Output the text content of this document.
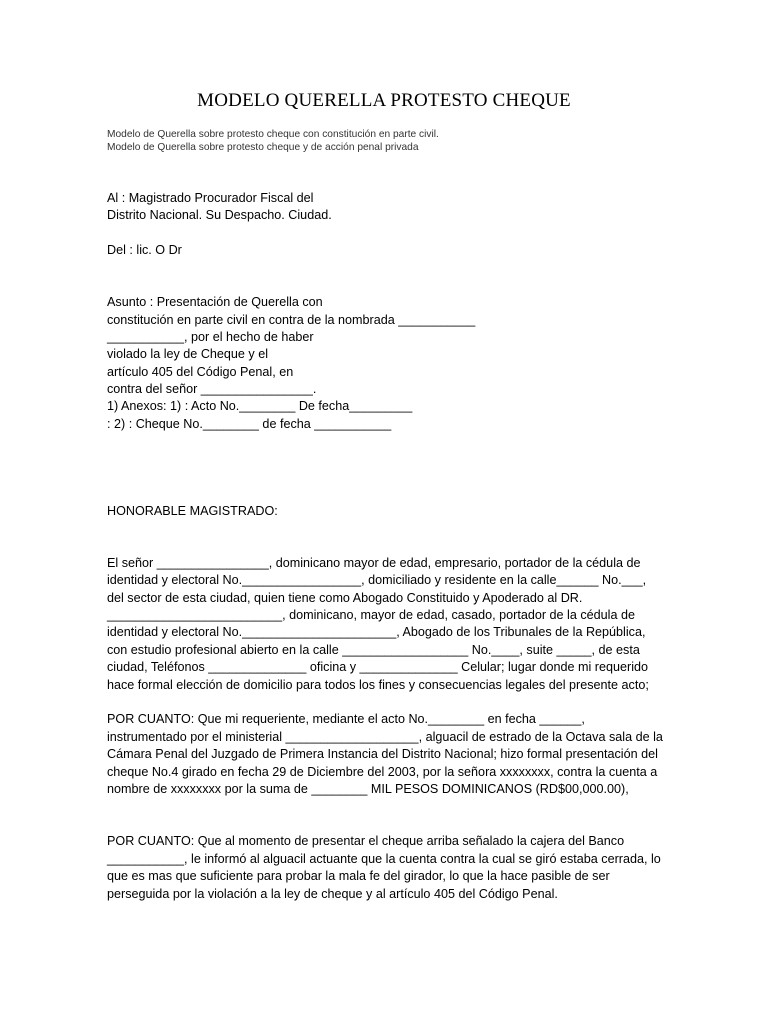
MODELO QUERELLA PROTESTO CHEQUE
Modelo de Querella sobre protesto cheque con constitución en parte civil.
Modelo de Querella sobre protesto cheque y de acción penal privada
Al : Magistrado Procurador Fiscal del
Distrito Nacional. Su Despacho. Ciudad.
Del : lic. O Dr
Asunto : Presentación de Querella con
constitución en parte civil en contra de la nombrada ___________
___________, por el hecho de haber
violado la ley de Cheque y el
artículo 405 del Código Penal, en
contra del señor ________________.
1) Anexos: 1) : Acto No.________ De fecha_________
: 2) : Cheque No.________ de fecha ___________
HONORABLE MAGISTRADO:
El señor ________________, dominicano mayor de edad, empresario, portador de la cédula de
identidad y electoral No._________________, domiciliado y residente en la calle______ No.___,
del sector de esta ciudad, quien tiene como Abogado Constituido y Apoderado al DR.
_________________________, dominicano, mayor de edad, casado, portador de la cédula de
identidad y electoral No.______________________, Abogado de los Tribunales de la República,
con estudio profesional abierto en la calle __________________ No.____, suite _____, de esta
ciudad, Teléfonos ______________ oficina y ______________ Celular; lugar donde mi requerido
hace formal elección de domicilio para todos los fines y consecuencias legales del presente acto;
POR CUANTO: Que mi requeriente, mediante el acto No.________ en fecha ______,
instrumentado por el ministerial ___________________, alguacil de estrado de la Octava sala de la
Cámara Penal del Juzgado de Primera Instancia del Distrito Nacional; hizo formal presentación del
cheque No.4 girado en fecha 29 de Diciembre del 2003, por la señora xxxxxxxx, contra la cuenta a
nombre de xxxxxxxx por la suma de ________ MIL PESOS DOMINICANOS (RD$00,000.00),
POR CUANTO: Que al momento de presentar el cheque arriba señalado la cajera del Banco
___________, le informó al alguacil actuante que la cuenta contra la cual se giró estaba cerrada, lo
que es mas que suficiente para probar la mala fe del girador, lo que la hace pasible de ser
perseguida por la violación a la ley de cheque y al artículo 405 del Código Penal.
